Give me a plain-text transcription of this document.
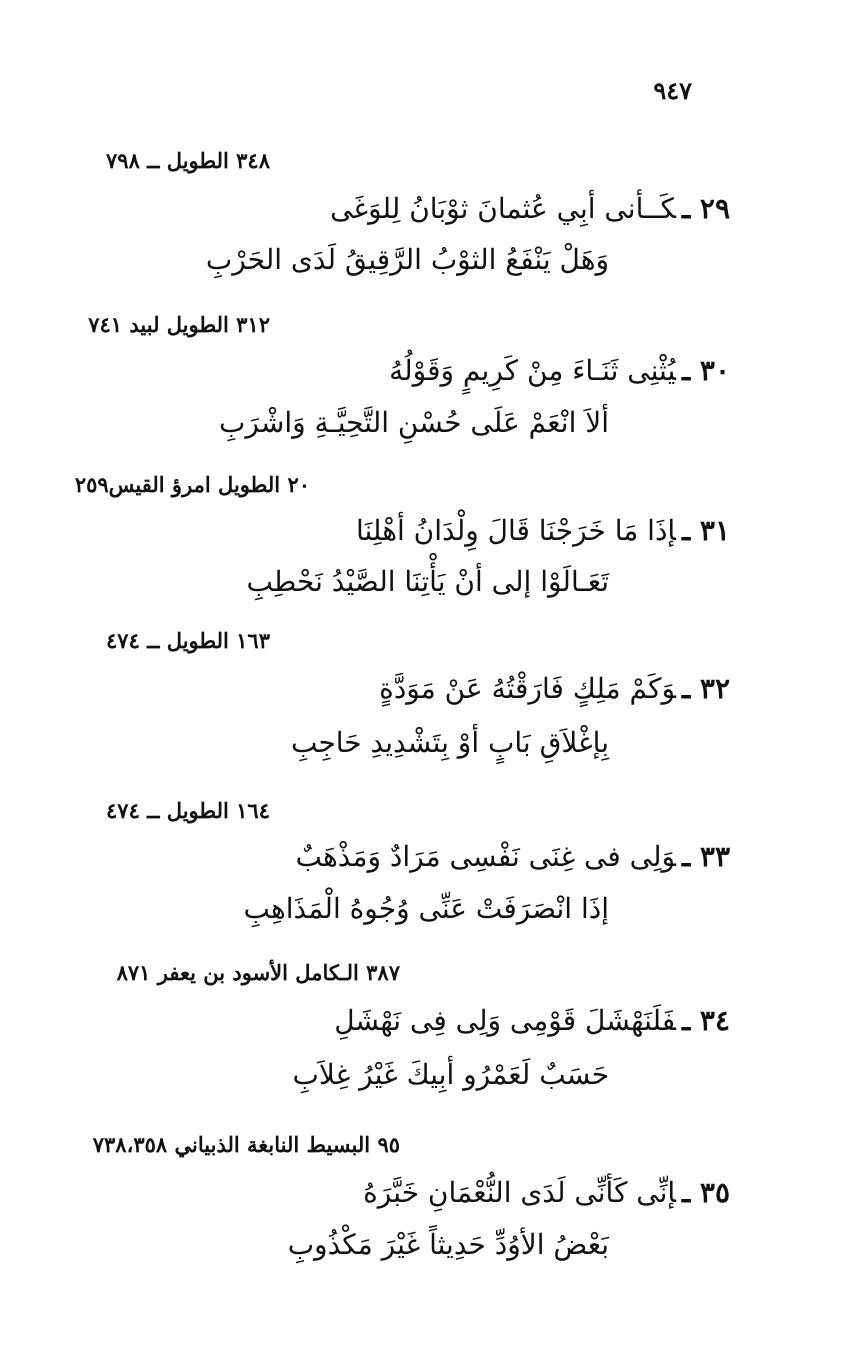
٩٤٧
٣٤٨ الطويل ــ ٧٩٨
٢٩ ـكَــأنى أبِي عُثمانَ ثوْبَانُ لِلوَغَى
وَهَلْ يَنْفَعُ الثوْبُ الرَّقِيقُ لَدَى الحَرْبِ
٣١٢ الطويل لبيد ٧٤١
٣٠ ـيُثْنِى ثَنَـاءَ مِنْ كَرِيمٍ وَقَوْلُهُ
ألاَ انْعَمْ عَلَى حُسْنِ التَّحِيَّـةِ وَاشْرَبِ
٢٠ الطويل امرؤ القيس٢٥٩
٣١ ـإذَا مَا خَرَجْنَا قَالَ وِلْدَانُ أهْلِنَا
تَعَـالَوْا إلى أنْ يَأْتِنَا الصَّيْدُ نَحْطِبِ
١٦٣ الطويل ــ ٤٧٤
٣٢ ـوَكَمْ مَلِكٍ فَارَقْتُهُ عَنْ مَوَدَّةٍ
بِإغْلاَقِ بَابٍ أوْ بِتَشْدِيدِ حَاجِبِ
١٦٤ الطويل ــ ٤٧٤
٣٣ ـوَلِى فى غِنَى نَفْسِى مَرَادٌ وَمَذْهَبٌ
إذَا انْصَرَفَتْ عَنِّى وُجُوهُ الْمَذَاهِبِ
٣٨٧ الـكامل الأسود بن يعفر ٨٧١
٣٤ ـفَلَنَهْشَلَ قَوْمِى وَلِى فِى نَهْشَلِ
حَسَبٌ لَعَمْرُو أبِيكَ غَيْرُ غِلاَبِ
٩٥ البسيط النابغة الذبياني ٧٣٨،٣٥٨
٣٥ ـإنِّى كَأنِّى لَدَى النُّعْمَانِ خَبَّرَهُ
بَعْضُ الأوُدِّ حَدِيثاً غَيْرَ مَكْذُوبِ
